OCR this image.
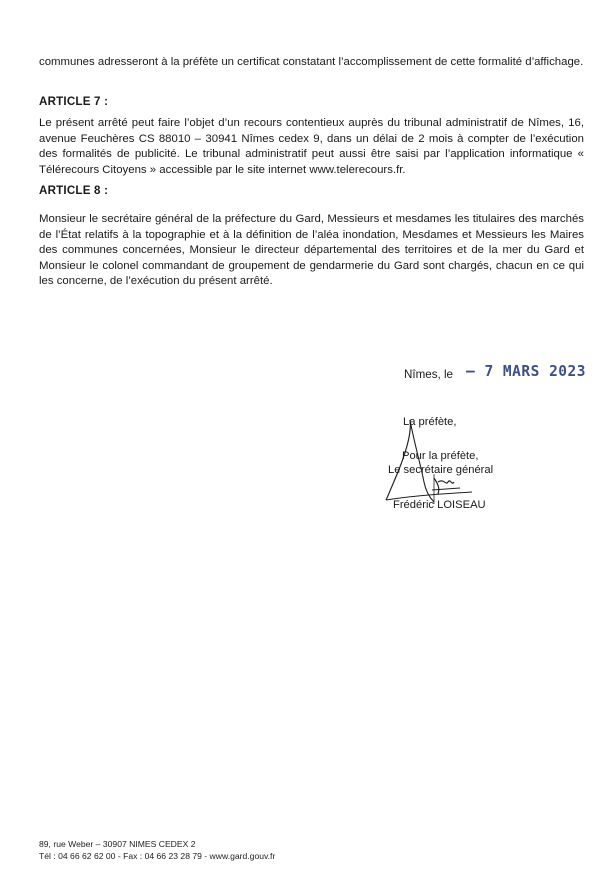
communes adresseront à la préfète un certificat constatant l’accomplissement de cette formalité d’affichage.

ARTICLE 7 :

Le présent arrêté peut faire l’objet d’un recours contentieux auprès du tribunal administratif de Nîmes, 16, avenue Feuchères CS 88010 – 30941 Nîmes cedex 9, dans un délai de 2 mois à compter de l’exécution des formalités de publicité. Le tribunal administratif peut aussi être saisi par l’application informatique « Télérecours Citoyens » accessible par le site internet www.telerecours.fr.

ARTICLE 8 :

Monsieur le secrétaire général de la préfecture du Gard, Messieurs et mesdames les titulaires des marchés de l’État relatifs à la topographie et à la définition de l’aléa inondation, Mesdames et Messieurs les Maires des communes concernées, Monsieur le directeur départemental des territoires et de la mer du Gard et Monsieur le colonel commandant de groupement de gendarmerie du Gard sont chargés, chacun en ce qui les concerne, de l’exécution du présent arrêté.

Nîmes, le – 7 MARS 2023
La préfète,
Pour la préfète,
Le secrétaire général
Frédéric LOISEAU
89, rue Weber – 30907 NIMES CEDEX 2
Tél : 04 66 62 62 00 - Fax : 04 66 23 28 79 - www.gard.gouv.fr
